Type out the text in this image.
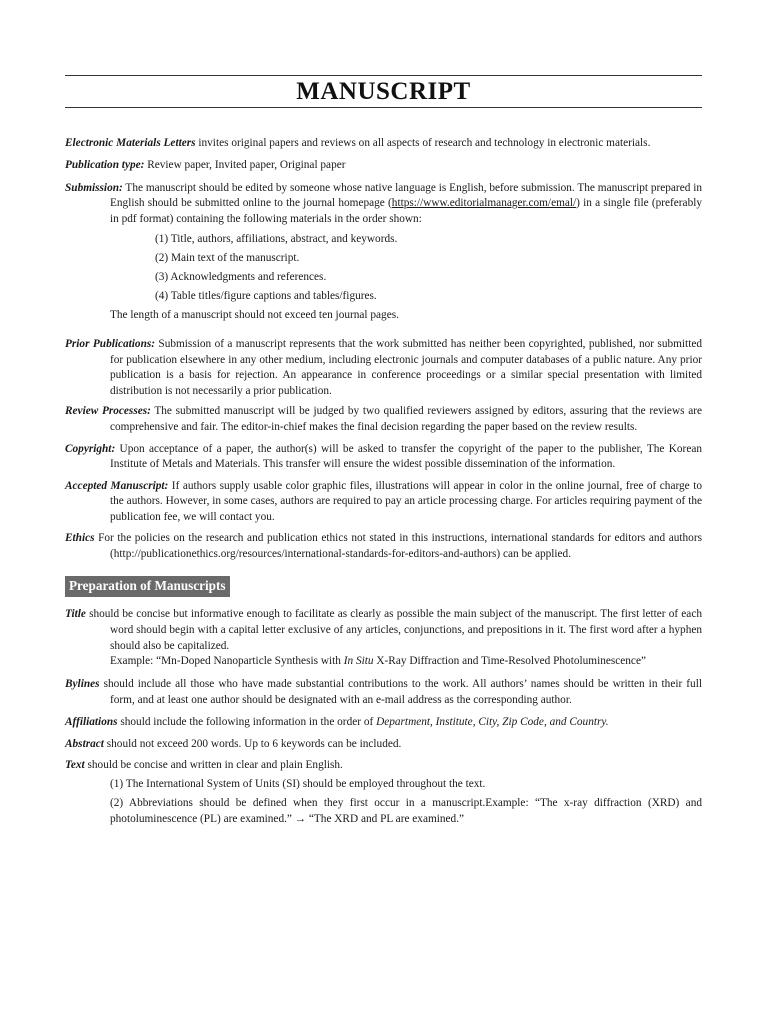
MANUSCRIPT

Electronic Materials Letters invites original papers and reviews on all aspects of research and technology in electronic materials.

Publication type: Review paper, Invited paper, Original paper

Submission: The manuscript should be edited by someone whose native language is English, before submission. The manuscript prepared in English should be submitted online to the journal homepage (https://www.editorialmanager.com/emal/) in a single file (preferably in pdf format) containing the following materials in the order shown:

(1) Title, authors, affiliations, abstract, and keywords.

(2) Main text of the manuscript.

(3) Acknowledgments and references.

(4) Table titles/figure captions and tables/figures.

The length of a manuscript should not exceed ten journal pages.

Prior Publications: Submission of a manuscript represents that the work submitted has neither been copyrighted, published, nor submitted for publication elsewhere in any other medium, including electronic journals and computer databases of a public nature. Any prior publication is a basis for rejection. An appearance in conference proceedings or a similar special presentation with limited distribution is not necessarily a prior publication.

Review Processes: The submitted manuscript will be judged by two qualified reviewers assigned by editors, assuring that the reviews are comprehensive and fair. The editor-in-chief makes the final decision regarding the paper based on the review results.

Copyright: Upon acceptance of a paper, the author(s) will be asked to transfer the copyright of the paper to the publisher, The Korean Institute of Metals and Materials. This transfer will ensure the widest possible dissemination of the information.

Accepted Manuscript: If authors supply usable color graphic files, illustrations will appear in color in the online journal, free of charge to the authors. However, in some cases, authors are required to pay an article processing charge. For articles requiring payment of the publication fee, we will contact you.

Ethics For the policies on the research and publication ethics not stated in this instructions, international standards for editors and authors (http://publicationethics.org/resources/international-standards-for-editors-and-authors) can be applied.

Preparation of Manuscripts

Title should be concise but informative enough to facilitate as clearly as possible the main subject of the manuscript. The first letter of each word should begin with a capital letter exclusive of any articles, conjunctions, and prepositions in it. The first word after a hyphen should also be capitalized.

Example: “Mn-Doped Nanoparticle Synthesis with In Situ X-Ray Diffraction and Time-Resolved Photoluminescence”

Bylines should include all those who have made substantial contributions to the work. All authors’ names should be written in their full form, and at least one author should be designated with an e-mail address as the corresponding author.

Affiliations should include the following information in the order of Department, Institute, City, Zip Code, and Country.

Abstract should not exceed 200 words. Up to 6 keywords can be included.

Text should be concise and written in clear and plain English.

(1) The International System of Units (SI) should be employed throughout the text.

(2) Abbreviations should be defined when they first occur in a manuscript.Example: “The x-ray diffraction (XRD) and photoluminescence (PL) are examined.” → “The XRD and PL are examined.”
